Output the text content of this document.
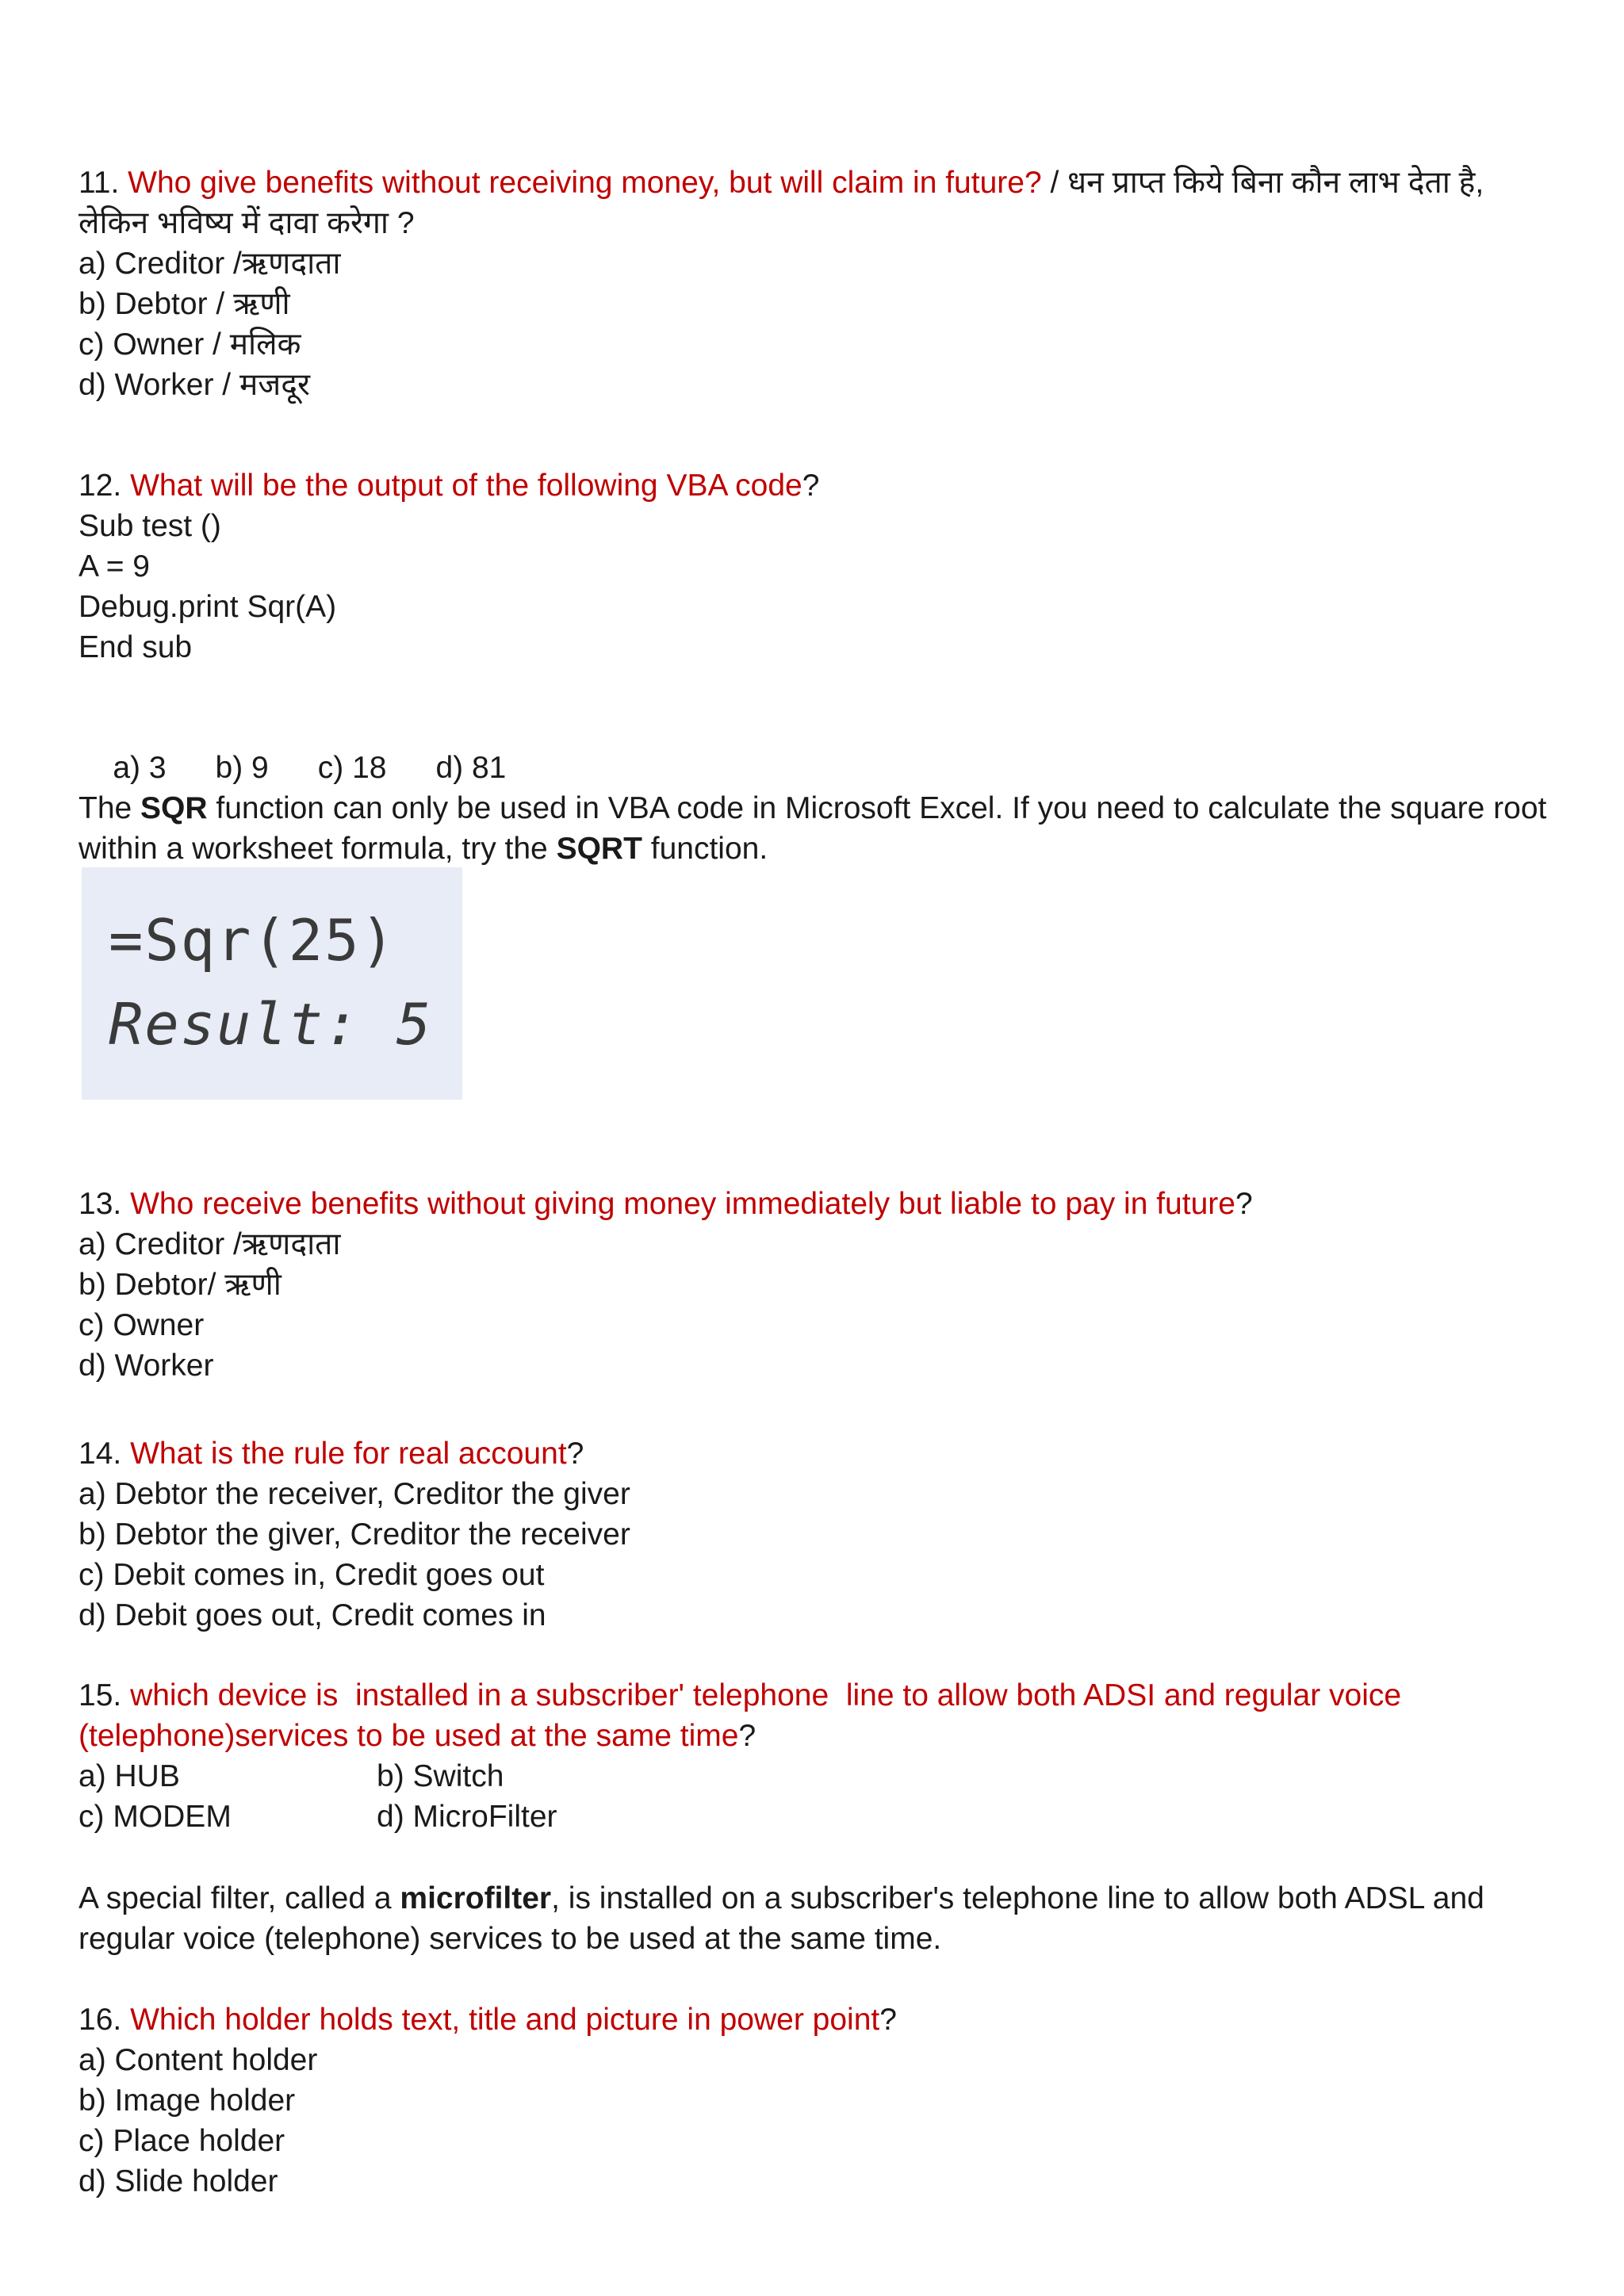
11. Who give benefits without receiving money, but will claim in future? / धन प्राप्त किये बिना कौन लाभ देता है,

लेकिन भविष्य में दावा करेगा ?

a) Creditor /ऋणदाता

b) Debtor / ऋणी

c) Owner / मलिक

d) Worker / मजदूर

12. What will be the output of the following VBA code?

Sub test ()

A = 9

Debug.print Sqr(A)

End sub

a) 3 b) 9 c) 18 d) 81

The SQR function can only be used in VBA code in Microsoft Excel. If you need to calculate the square root

within a worksheet formula, try the SQRT function.

=Sqr(25)
Result: 5

13. Who receive benefits without giving money immediately but liable to pay in future?

a) Creditor /ऋणदाता

b) Debtor/ ऋणी

c) Owner

d) Worker

14. What is the rule for real account?

a) Debtor the receiver, Creditor the giver

b) Debtor the giver, Creditor the receiver

c) Debit comes in, Credit goes out

d) Debit goes out, Credit comes in

15. which device is  installed in a subscriber' telephone  line to allow both ADSI and regular voice

(telephone)services to be used at the same time?

a) HUB	b) Switch
c) MODEM	d) MicroFilter

A special filter, called a microfilter, is installed on a subscriber's telephone line to allow both ADSL and

regular voice (telephone) services to be used at the same time.

16. Which holder holds text, title and picture in power point?

a) Content holder

b) Image holder

c) Place holder

d) Slide holder
